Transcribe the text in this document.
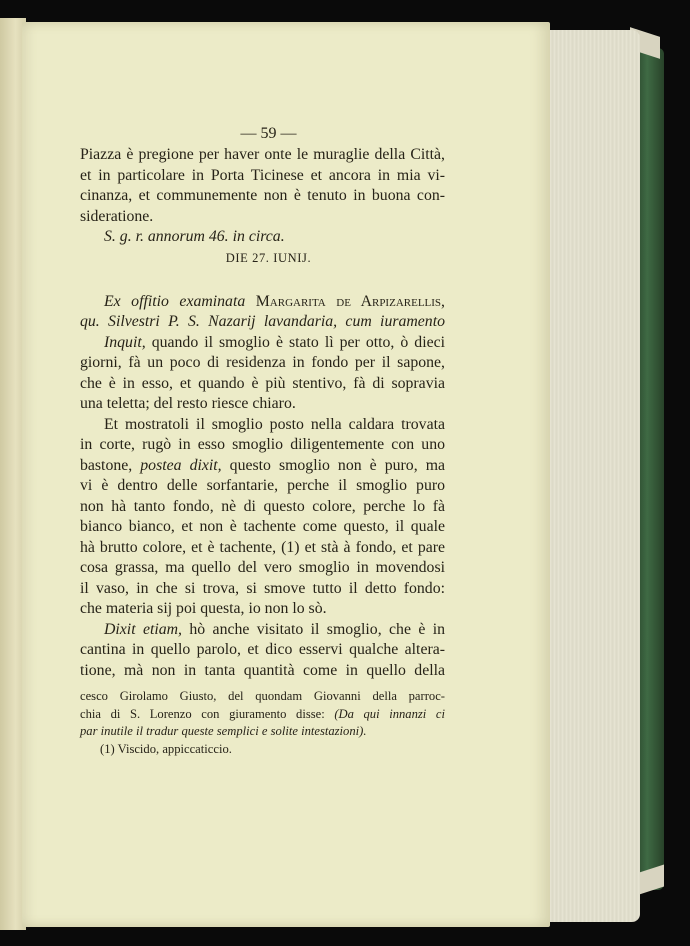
— 59 —
Piazza è pregione per haver onte le muraglie della Città,
et in particolare in Porta Ticinese et ancora in mia vi-
cinanza, et communemente non è tenuto in buona con-
sideratione.
S. g. r. annorum 46. in circa.
DIE 27. IUNIJ.
Ex offitio examinata Margarita de Arpizarellis,
qu. Silvestri P. S. Nazarij lavandaria, cum iuramento
Inquit, quando il smoglio è stato lì per otto, ò dieci
giorni, fà un poco di residenza in fondo per il sapone,
che è in esso, et quando è più stentivo, fà di sopravia
una teletta; del resto riesce chiaro.
Et mostratoli il smoglio posto nella caldara trovata
in corte, rugò in esso smoglio diligentemente con uno
bastone, postea dixit, questo smoglio non è puro, ma
vi è dentro delle sorfantarie, perche il smoglio puro
non hà tanto fondo, nè di questo colore, perche lo fà
bianco bianco, et non è tachente come questo, il quale
hà brutto colore, et è tachente, (1) et stà à fondo, et pare
cosa grassa, ma quello del vero smoglio in movendosi
il vaso, in che si trova, si smove tutto il detto fondo:
che materia sij poi questa, io non lo sò.
Dixit etiam, hò anche visitato il smoglio, che è in
cantina in quello parolo, et dico esservi qualche altera-
tione, mà non in tanta quantità come in quello della
cesco Girolamo Giusto, del quondam Giovanni della parroc-
chia di S. Lorenzo con giuramento disse: (Da qui innanzi ci
par inutile il tradur queste semplici e solite intestazioni).
(1) Viscido, appiccaticcio.
